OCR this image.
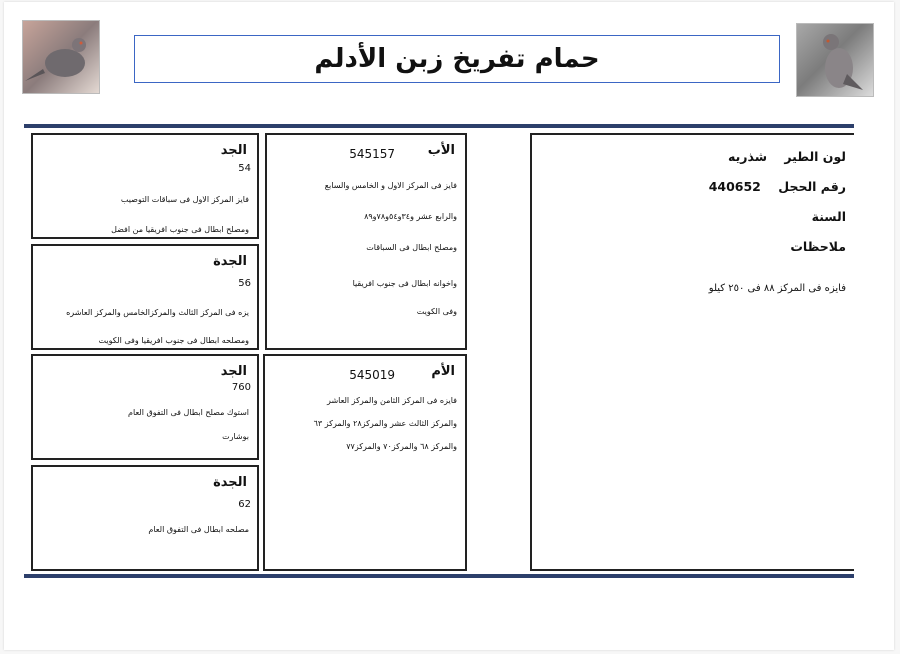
حمام تفريخ زبن الأدلم
لون الطير    شذريه
رقم الحجل    440652
السنة
ملاحظات
فايزه فى المركز ٨٨ فى ٢٥٠ كيلو
الأب
545157
فايز فى المركز الاول و الخامس والسابع
والرابع عشر و٣٤و٥٤و٧٨و٨٩
ومصلح ابطال فى السباقات
واخوانه ابطال فى جنوب افريقيا
وفى الكويت
الأم
545019
فايزه فى المركز الثامن والمركز العاشر
والمركز الثالث عشر والمركز٢٨ والمركز ٦٣
والمركز ٦٨ والمركز٧٠ والمركز٧٧
الجد
54
فايز المركز الاول فى سباقات التوصيب
ومصلح ابطال فى جنوب افريقيا من افضل
الجدة
56
يزه فى المركز الثالث والمركزالخامس والمركز العاشره
ومصلحه ابطال فى جنوب افريقيا وفى الكويت
الجد
760
استوك مصلح ابطال فى التفوق العام
بوشارت
الجدة
62
مصلحه ابطال فى التفوق العام
